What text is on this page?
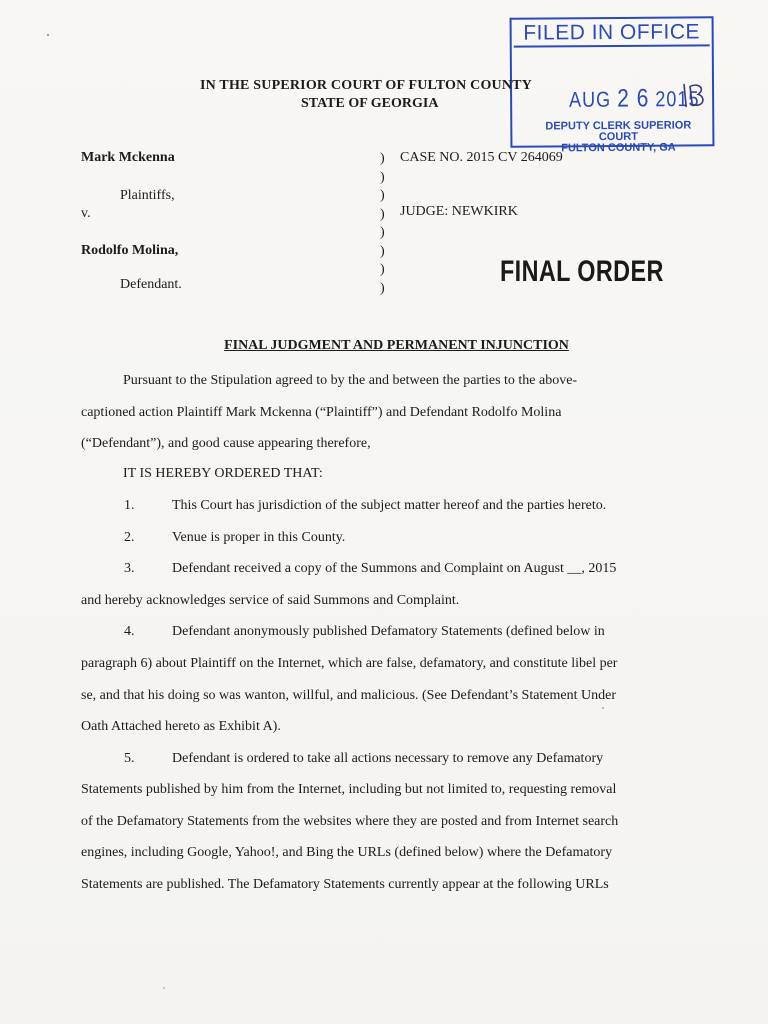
FILED IN OFFICE
AUG 2 6 2015
DEPUTY CLERK SUPERIOR COURT
FULTON COUNTY, GA
IN THE SUPERIOR COURT OF FULTON COUNTY
STATE OF GEORGIA
Mark Mckenna
Plaintiffs,
v.
Rodolfo Molina,
Defendant.
)
)
)
)
)
)
)
)
CASE NO. 2015 CV 264069
JUDGE: NEWKIRK
FINAL ORDER
FINAL JUDGMENT AND PERMANENT INJUNCTION
Pursuant to the Stipulation agreed to by the and between the parties to the above-
captioned action Plaintiff Mark Mckenna (“Plaintiff”) and Defendant Rodolfo Molina
(“Defendant”), and good cause appearing therefore,
IT IS HEREBY ORDERED THAT:
1.	This Court has jurisdiction of the subject matter hereof and the parties hereto.
2.	Venue is proper in this County.
3.	Defendant received a copy of the Summons and Complaint on August __, 2015
and hereby acknowledges service of said Summons and Complaint.
4.	Defendant anonymously published Defamatory Statements (defined below in
paragraph 6) about Plaintiff on the Internet, which are false, defamatory, and constitute libel per
se, and that his doing so was wanton, willful, and malicious. (See Defendant’s Statement Under
Oath Attached hereto as Exhibit A).
5.	Defendant is ordered to take all actions necessary to remove any Defamatory
Statements published by him from the Internet, including but not limited to, requesting removal
of the Defamatory Statements from the websites where they are posted and from Internet search
engines, including Google, Yahoo!, and Bing the URLs (defined below) where the Defamatory
Statements are published. The Defamatory Statements currently appear at the following URLs
